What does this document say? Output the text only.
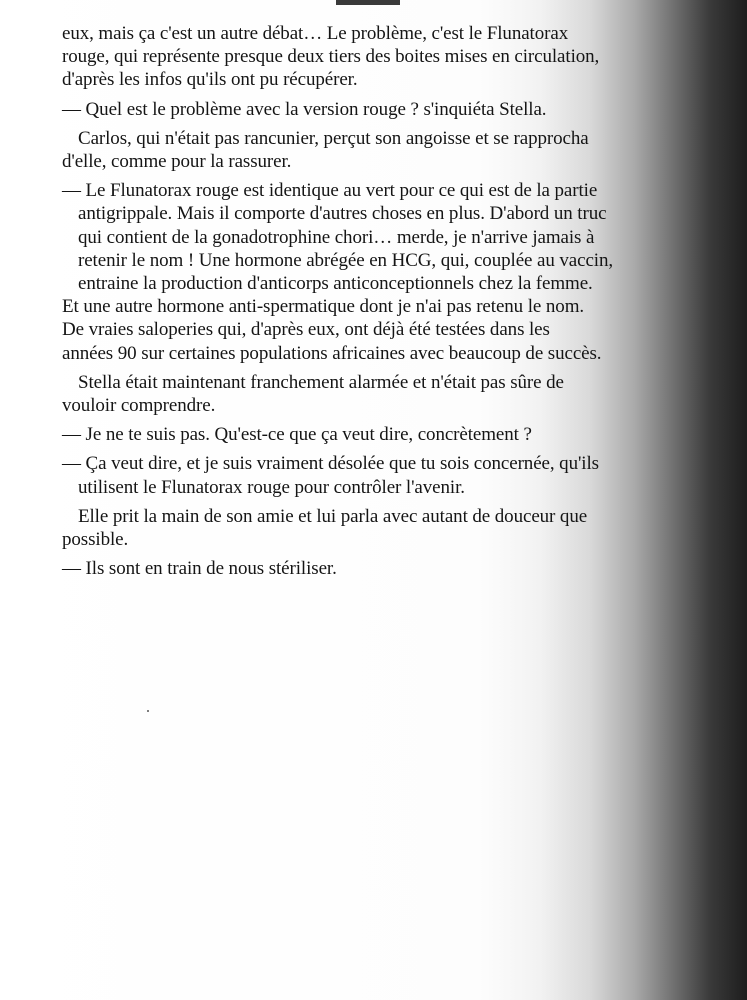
eux, mais ça c'est un autre débat… Le problème, c'est le Flunatorax
rouge, qui représente presque deux tiers des boites mises en circulation,
d'après les infos qu'ils ont pu récupérer.

— Quel est le problème avec la version rouge ? s'inquiéta Stella.

Carlos, qui n'était pas rancunier, perçut son angoisse et se rapprocha
d'elle, comme pour la rassurer.

— Le Flunatorax rouge est identique au vert pour ce qui est de la partie
antigrippale. Mais il comporte d'autres choses en plus. D'abord un truc
qui contient de la gonadotrophine chori… merde, je n'arrive jamais à
retenir le nom ! Une hormone abrégée en HCG, qui, couplée au vaccin,
entraine la production d'anticorps anticonceptionnels chez la femme.
Et une autre hormone anti-spermatique dont je n'ai pas retenu le nom.
De vraies saloperies qui, d'après eux, ont déjà été testées dans les
années 90 sur certaines populations africaines avec beaucoup de succès.

Stella était maintenant franchement alarmée et n'était pas sûre de
vouloir comprendre.

— Je ne te suis pas. Qu'est-ce que ça veut dire, concrètement ?

— Ça veut dire, et je suis vraiment désolée que tu sois concernée, qu'ils
utilisent le Flunatorax rouge pour contrôler l'avenir.

Elle prit la main de son amie et lui parla avec autant de douceur que
possible.

— Ils sont en train de nous stériliser.
